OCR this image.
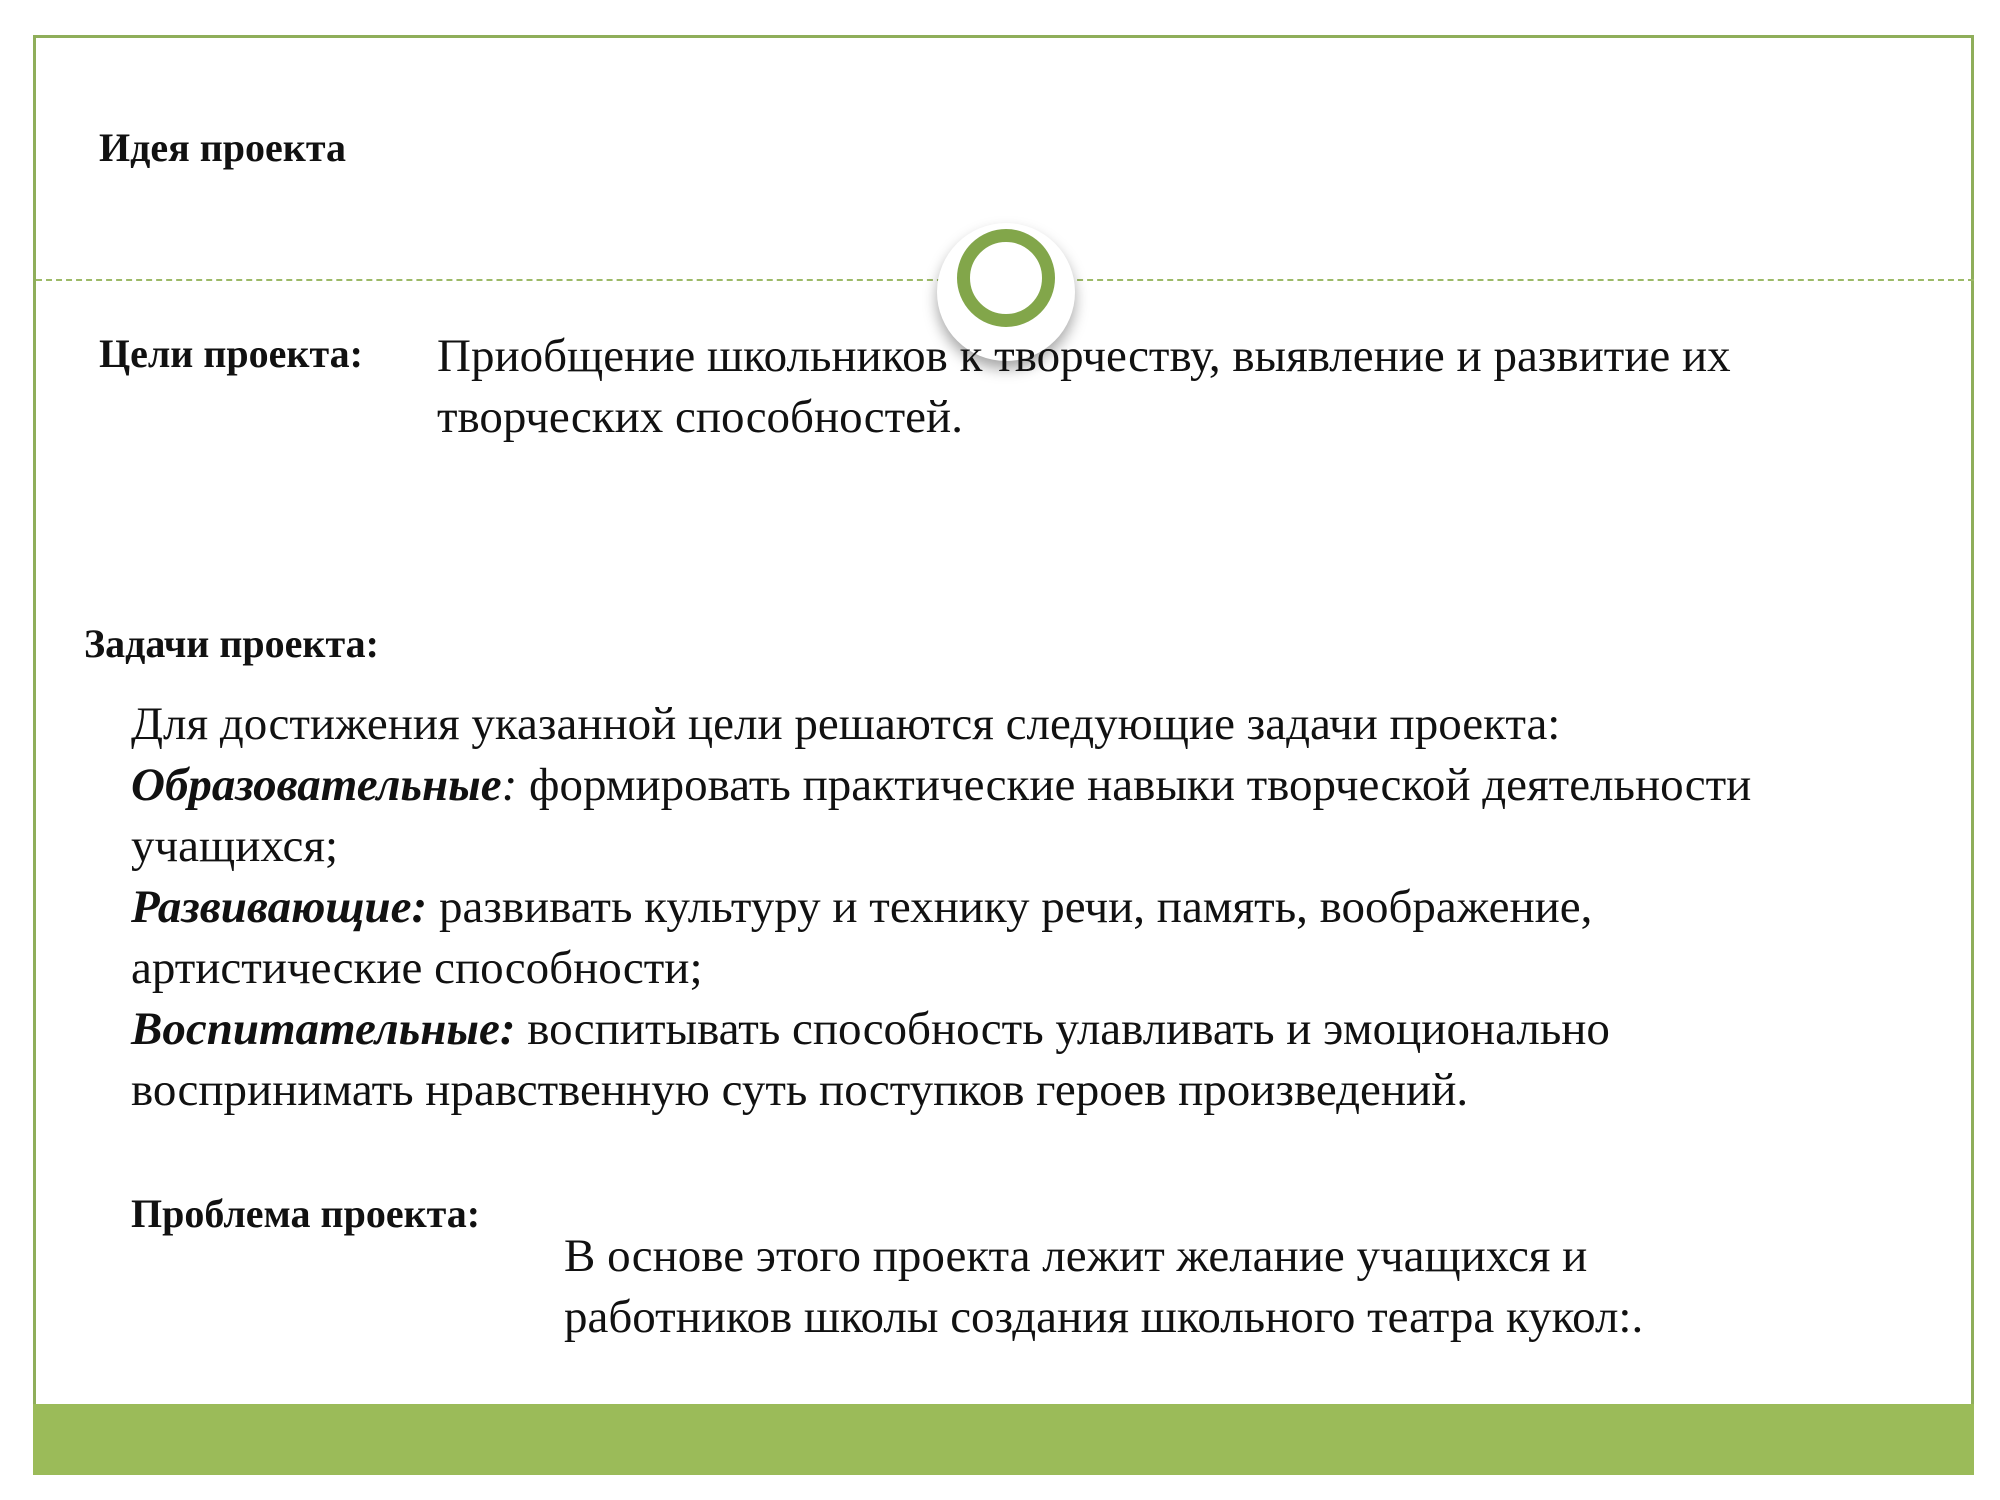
Идея проекта
Цели проекта: Приобщение школьников к творчеству, выявление и развитие их
творческих способностей.
Задачи проекта:
Для достижения указанной цели решаются следующие задачи проекта:
Образовательные: формировать практические навыки творческой деятельности
учащихся;
Развивающие: развивать культуру и технику речи, память, воображение,
артистические способности;
Воспитательные: воспитывать способность улавливать и эмоционально
воспринимать нравственную суть поступков героев произведений.
Проблема проекта:
В основе этого проекта лежит желание учащихся и
работников школы создания школьного театра кукол:.
